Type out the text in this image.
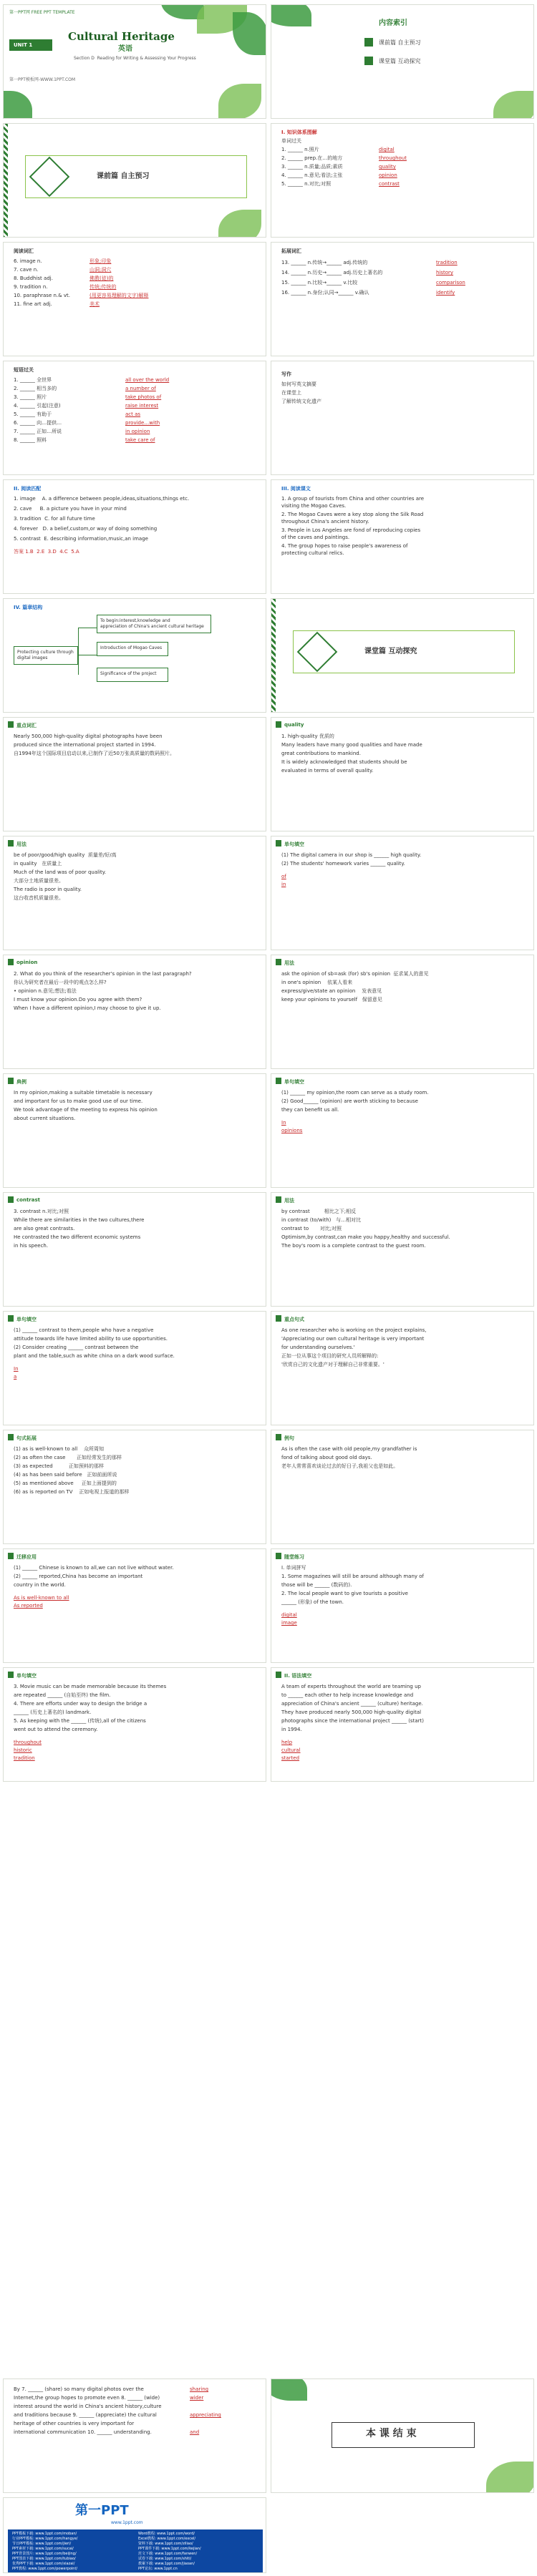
第一PPT网 FREE PPT TEMPLATE
UNIT 1
Cultural Heritage
英语
Section D  Reading for Writing & Assessing Your Progress
第一PPT模板网-WWW.1PPT.COM
内容索引
课前篇 自主预习
课堂篇 互动探究
课前篇 自主预习
I. 知识体系图解
单词过关
1. ______ n.照片
2. ______ prep.在…的地方
3. ______ n.质量;品质;素质
4. ______ n.意见;看法;主张
5. ______ n.对比;对照
digital
throughout
quality
opinion
contrast
阅读词汇
6. image n.
7. cave n.
8. Buddhist adj.
9. tradition n.
10. paraphrase n.& vt.
11. fine art adj.
形象;印象
山洞;洞穴
佛教(徒)的
传统;传统的
(用更容易理解的文字)解释
美术
拓展词汇
13. ______ n.传统→______ adj.传统的
14. ______ n.历史→______ adj.历史上著名的
15. ______ n.比较→______ v.比较
16. ______ n.身份;认同→______ v.确认
tradition
history
comparison
identify
短语过关
1. ______ 全世界
2. ______ 相当多的
3. ______ 照片
4. ______ 引起(注意)
5. ______ 有助于
6. ______ 向…提供…
7. ______ 正如…所说
8. ______ 照料
all over the world
a number of
take photos of
raise interest
act as
provide…with
in opinion
take care of
写作
如何写英文摘要
在课堂上
了解传统文化遗产
II. 阅读匹配
1. image    A. a difference between people,ideas,situations,things etc.
2. cave     B. a picture you have in your mind
3. tradition  C. for all future time
4. forever   D. a belief,custom,or way of doing something
5. contrast  E. describing information,music,an image
答案 1.B  2.E  3.D  4.C  5.A
III. 阅读课文
1. A group of tourists from China and other countries are
visiting the Mogao Caves.
2. The Mogao Caves were a key stop along the Silk Road
throughout China's ancient history.
3. People in Los Angeles are fond of reproducing copies
of the caves and paintings.
4. The group hopes to raise people's awareness of
protecting cultural relics.
IV. 篇章结构
To begin:interest,knowledge and
appreciation of China's ancient cultural heritage
Protecting culture through digital images
Introduction of Mogao Caves
Significance of the project
课堂篇 互动探究
重点词汇
Nearly 500,000 high-quality digital photographs have been
produced since the international project started in 1994.
自1994年这个国际项目启动以来,已制作了近50万张高质量的数码照片。
quality
1. high-quality 优质的
Many leaders have many good qualities and have made
great contributions to mankind.
It is widely acknowledged that students should be
evaluated in terms of overall quality.
用法
be of poor/good/high quality  质量差/好/高
in quality   在质量上
Much of the land was of poor quality.
大部分土地质量很差。
The radio is poor in quality.
这台收音机质量很差。
单句填空
(1) The digital camera in our shop is ______ high quality.
(2) The students' homework varies ______ quality.
of
in
opinion
2. What do you think of the researcher's opinion in the last paragraph?
你认为研究者在最后一段中的观点怎么样?
• opinion n.意见;想法;看法
I must know your opinion.Do you agree with them?
When I have a different opinion,I may choose to give it up.
用法
ask the opinion of sb=ask (for) sb's opinion  征求某人的意见
in one's opinion    依某人看来
express/give/state an opinion    发表意见
keep your opinions to yourself   保留意见
典例
In my opinion,making a suitable timetable is necessary
and important for us to make good use of our time.
We took advantage of the meeting to express his opinion
about current situations.
单句填空
(1) ______ my opinion,the room can serve as a study room.
(2) Good______ (opinion) are worth sticking to because
they can benefit us all.
In
opinions
contrast
3. contrast n.对比;对照
While there are similarities in the two cultures,there
are also great contrasts.
He contrasted the two different economic systems
in his speech.
用法
by contrast         相比之下;相反
in contrast (to/with)   与…相对比
contrast to       对比;对照
Optimism,by contrast,can make you happy,healthy and successful.
The boy's room is a complete contrast to the guest room.
单句填空
(1) ______ contrast to them,people who have a negative
attitude towards life have limited ability to use opportunities.
(2) Consider creating ______ contrast between the
plant and the table,such as white china on a dark wood surface.
In
a
重点句式
As one researcher who is working on the project explains,
'Appreciating our own cultural heritage is very important
for understanding ourselves.'
正如一位从事这个项目的研究人员所解释的:
'欣赏自己的文化遗产对于理解自己非常重要。'
句式拓展
(1) as is well-known to all    众所周知
(2) as often the case       正如经常发生的那样
(3) as expected          正如预料的那样
(4) as has been said before   正如前面所说
(5) as mentioned above     正如上面提到的
(6) as is reported on TV    正如电视上报道的那样
例句
As is often the case with old people,my grandfather is
fond of talking about good old days.
老年人常常喜欢谈论过去的好日子,我祖父也是如此。
迁移应用
(1) ______ Chinese is known to all,we can not live without water.
(2) ______ reported,China has become an important
country in the world.
As is well-known to all
As reported
随堂练习
I. 单词拼写
1. Some magazines will still be around although many of
those will be ______ (数码的).
2. The local people want to give tourists a positive
______ (形象) of the town.
digital
image
单句填空
3. Movie music can be made memorable because its themes
are repeated ______ (自始至终) the film.
4. There are efforts under way to design the bridge a
______ (历史上著名的) landmark.
5. As keeping with the ______ (传统),all of the citizens
went out to attend the ceremony.
throughout
historic
tradition
II. 语法填空
A team of experts throughout the world are teaming up
to ______ each other to help increase knowledge and
appreciation of China's ancient ______ (culture) heritage.
They have produced nearly 500,000 high-quality digital
photographs since the international project ______ (start)
in 1994.
help
cultural
started
By 7. ______ (share) so many digital photos over the
Internet,the group hopes to promote even 8. ______ (wide)
interest around the world in China's ancient history,culture
and traditions because 9. ______ (appreciate) the cultural
heritage of other countries is very important for
international communication 10. ______ understanding.
sharing
wider
appreciating
and	本 课 结 束
第一PPT
www.1ppt.com
PPT模板下载: www.1ppt.com/moban/
行业PPT模板: www.1ppt.com/hangye/
节日PPT模板: www.1ppt.com/jieri/
PPT素材下载: www.1ppt.com/sucai/
PPT背景图片: www.1ppt.com/beijing/
PPT图表下载: www.1ppt.com/tubiao/
优秀PPT下载: www.1ppt.com/xiazai/
PPT教程: www.1ppt.com/powerpoint/
Word教程: www.1ppt.com/word/
Excel教程: www.1ppt.com/excel/
资料下载: www.1ppt.com/ziliao/
PPT课件下载: www.1ppt.com/kejian/
范文下载: www.1ppt.com/fanwen/
试卷下载: www.1ppt.com/shiti/
教案下载: www.1ppt.com/jiaoan/
PPT论坛: www.1ppt.cn
